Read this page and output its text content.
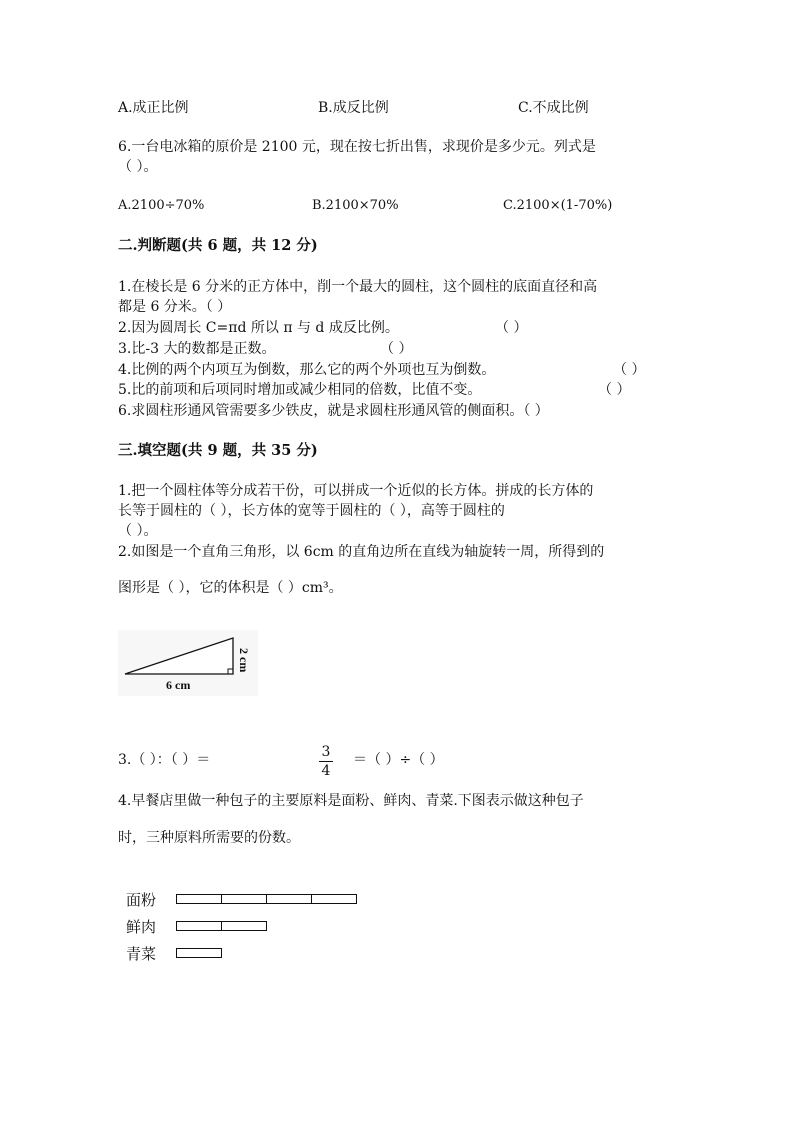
A.成正比例	B.成反比例	C.不成比例
6.一台电冰箱的原价是 2100 元，现在按七折出售，求现价是多少元。列式是
（ ）。
A.2100÷70%	B.2100×70%	C.2100×(1-70%)
二.判断题(共 6 题，共 12 分)
1.在棱长是 6 分米的正方体中，削一个最大的圆柱，这个圆柱的底面直径和高
都是 6 分米。（ ）
2.因为圆周长 C=πd 所以 π 与 d 成反比例。	（ ）
3.比-3 大的数都是正数。	（ ）
4.比例的两个内项互为倒数，那么它的两个外项也互为倒数。	（ ）
5.比的前项和后项同时增加或减少相同的倍数，比值不变。	（ ）
6.求圆柱形通风管需要多少铁皮，就是求圆柱形通风管的侧面积。（ ）
三.填空题(共 9 题，共 35 分)
1.把一个圆柱体等分成若干份，可以拼成一个近似的长方体。拼成的长方体的
长等于圆柱的（ ），长方体的宽等于圆柱的（ ），高等于圆柱的
（ ）。
2.如图是一个直角三角形，以 6cm 的直角边所在直线为轴旋转一周，所得到的
图形是（ ），它的体积是（ ）cm³。
6 cm
2 cm
3.（ ）：（ ）＝	3
4
＝（ ）÷（ ）
4.早餐店里做一种包子的主要原料是面粉、鲜肉、青菜.下图表示做这种包子
时，三种原料所需要的份数。
面粉
鲜肉
青菜
